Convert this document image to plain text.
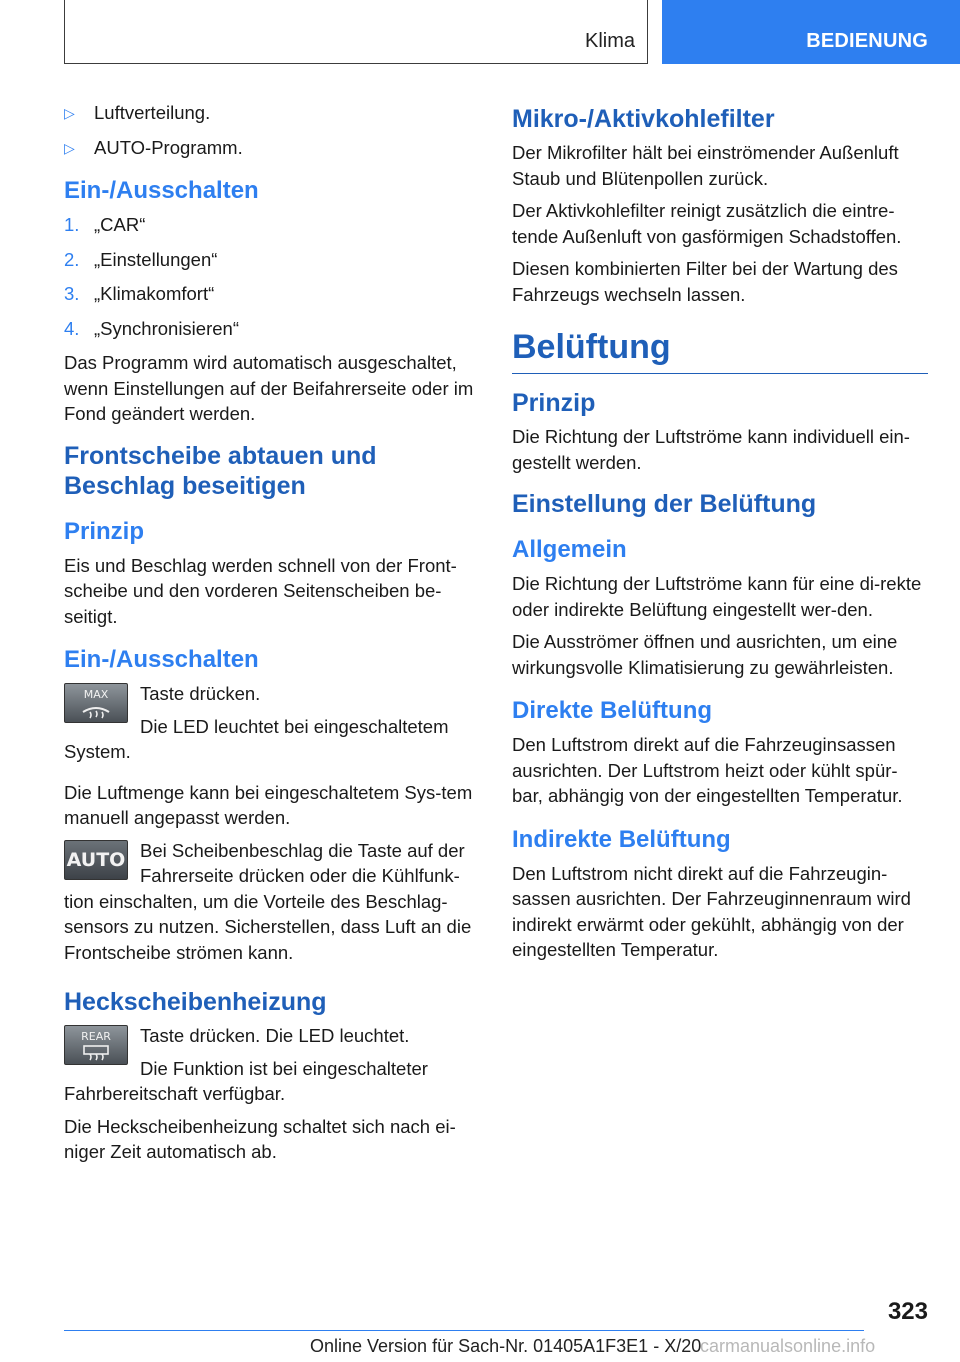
Klima	BEDIENUNG
▷ Luftverteilung.
▷ AUTO-Programm.
Ein-/Ausschalten
1. „CAR“
2. „Einstellungen“
3. „Klimakomfort“
4. „Synchronisieren“

Das Programm wird automatisch ausgeschaltet, wenn Einstellungen auf der Beifahrerseite oder im Fond geändert werden.

Frontscheibe abtauen und Beschlag beseitigen
Prinzip

Eis und Beschlag werden schnell von der Front-scheibe und den vorderen Seitenscheiben be-seitigt.

Ein-/Ausschalten
MAX	Taste drücken.

Die LED leuchtet bei eingeschaltetem System.

Die Luftmenge kann bei eingeschaltetem Sys-tem manuell angepasst werden.

AUTO Bei Scheibenbeschlag die Taste auf der Fahrerseite drücken oder die Kühlfunk-tion einschalten, um die Vorteile des Beschlag-sensors zu nutzen. Sicherstellen, dass Luft an die Frontscheibe strömen kann.

Heckscheibenheizung
REAR	Taste drücken. Die LED leuchtet.

Die Funktion ist bei eingeschalteter Fahrbereitschaft verfügbar.

Die Heckscheibenheizung schaltet sich nach ei-niger Zeit automatisch ab.

Mikro-/Aktivkohlefilter

Der Mikrofilter hält bei einströmender Außenluft Staub und Blütenpollen zurück.

Der Aktivkohlefilter reinigt zusätzlich die eintre-tende Außenluft von gasförmigen Schadstoffen.

Diesen kombinierten Filter bei der Wartung des Fahrzeugs wechseln lassen.

Belüftung
Prinzip

Die Richtung der Luftströme kann individuell ein-gestellt werden.

Einstellung der Belüftung
Allgemein

Die Richtung der Luftströme kann für eine di-rekte oder indirekte Belüftung eingestellt wer-den.

Die Ausströmer öffnen und ausrichten, um eine wirkungsvolle Klimatisierung zu gewährleisten.

Direkte Belüftung

Den Luftstrom direkt auf die Fahrzeuginsassen ausrichten. Der Luftstrom heizt oder kühlt spür-bar, abhängig von der eingestellten Temperatur.

Indirekte Belüftung

Den Luftstrom nicht direkt auf die Fahrzeugin-sassen ausrichten. Der Fahrzeuginnenraum wird indirekt erwärmt oder gekühlt, abhängig von der eingestellten Temperatur.

323
Online Version für Sach-Nr. 01405A1F3E1 - X/20
carmanualsonline.info
